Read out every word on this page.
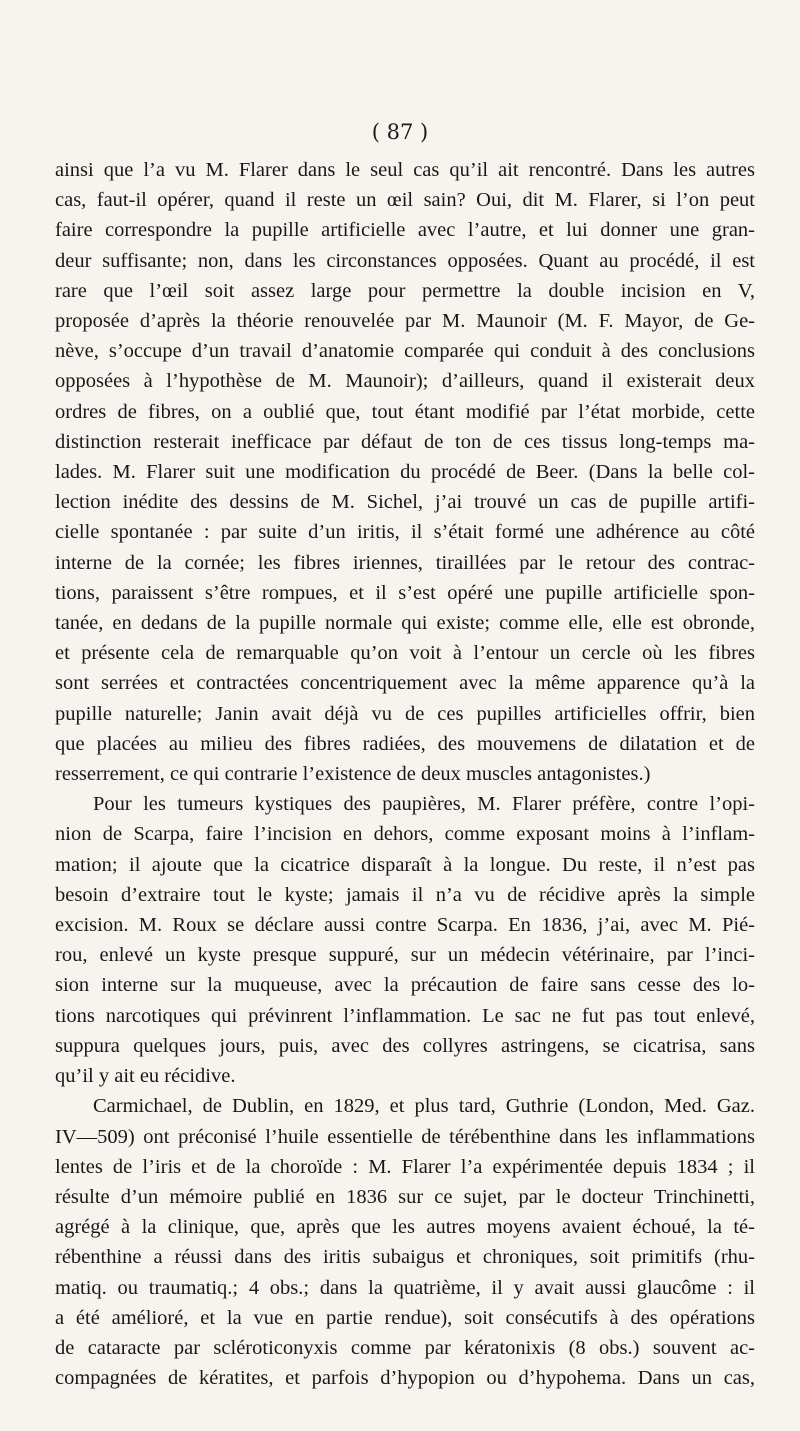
( 87 )
ainsi que l’a vu M. Flarer dans le seul cas qu’il ait rencontré. Dans les autres
cas, faut-il opérer, quand il reste un œil sain? Oui, dit M. Flarer, si l’on peut
faire correspondre la pupille artificielle avec l’autre, et lui donner une gran-
deur suffisante; non, dans les circonstances opposées. Quant au procédé, il est
rare que l’œil soit assez large pour permettre la double incision en V,
proposée d’après la théorie renouvelée par M. Maunoir (M. F. Mayor, de Ge-
nève, s’occupe d’un travail d’anatomie comparée qui conduit à des conclusions
opposées à l’hypothèse de M. Maunoir); d’ailleurs, quand il existerait deux
ordres de fibres, on a oublié que, tout étant modifié par l’état morbide, cette
distinction resterait inefficace par défaut de ton de ces tissus long-temps ma-
lades. M. Flarer suit une modification du procédé de Beer. (Dans la belle col-
lection inédite des dessins de M. Sichel, j’ai trouvé un cas de pupille artifi-
cielle spontanée : par suite d’un iritis, il s’était formé une adhérence au côté
interne de la cornée; les fibres iriennes, tiraillées par le retour des contrac-
tions, paraissent s’être rompues, et il s’est opéré une pupille artificielle spon-
tanée, en dedans de la pupille normale qui existe; comme elle, elle est obronde,
et présente cela de remarquable qu’on voit à l’entour un cercle où les fibres
sont serrées et contractées concentriquement avec la même apparence qu’à la
pupille naturelle; Janin avait déjà vu de ces pupilles artificielles offrir, bien
que placées au milieu des fibres radiées, des mouvemens de dilatation et de
resserrement, ce qui contrarie l’existence de deux muscles antagonistes.)
Pour les tumeurs kystiques des paupières, M. Flarer préfère, contre l’opi-
nion de Scarpa, faire l’incision en dehors, comme exposant moins à l’inflam-
mation; il ajoute que la cicatrice disparaît à la longue. Du reste, il n’est pas
besoin d’extraire tout le kyste; jamais il n’a vu de récidive après la simple
excision. M. Roux se déclare aussi contre Scarpa. En 1836, j’ai, avec M. Pié-
rou, enlevé un kyste presque suppuré, sur un médecin vétérinaire, par l’inci-
sion interne sur la muqueuse, avec la précaution de faire sans cesse des lo-
tions narcotiques qui prévinrent l’inflammation. Le sac ne fut pas tout enlevé,
suppura quelques jours, puis, avec des collyres astringens, se cicatrisa, sans
qu’il y ait eu récidive.
Carmichael, de Dublin, en 1829, et plus tard, Guthrie (London, Med. Gaz.
IV—509) ont préconisé l’huile essentielle de térébenthine dans les inflammations
lentes de l’iris et de la choroïde : M. Flarer l’a expérimentée depuis 1834 ; il
résulte d’un mémoire publié en 1836 sur ce sujet, par le docteur Trinchinetti,
agrégé à la clinique, que, après que les autres moyens avaient échoué, la té-
rébenthine a réussi dans des iritis subaigus et chroniques, soit primitifs (rhu-
matiq. ou traumatiq.; 4 obs.; dans la quatrième, il y avait aussi glaucôme : il
a été amélioré, et la vue en partie rendue), soit consécutifs à des opérations
de cataracte par scléroticonyxis comme par kératonixis (8 obs.) souvent ac-
compagnées de kératites, et parfois d’hypopion ou d’hypohema. Dans un cas,
